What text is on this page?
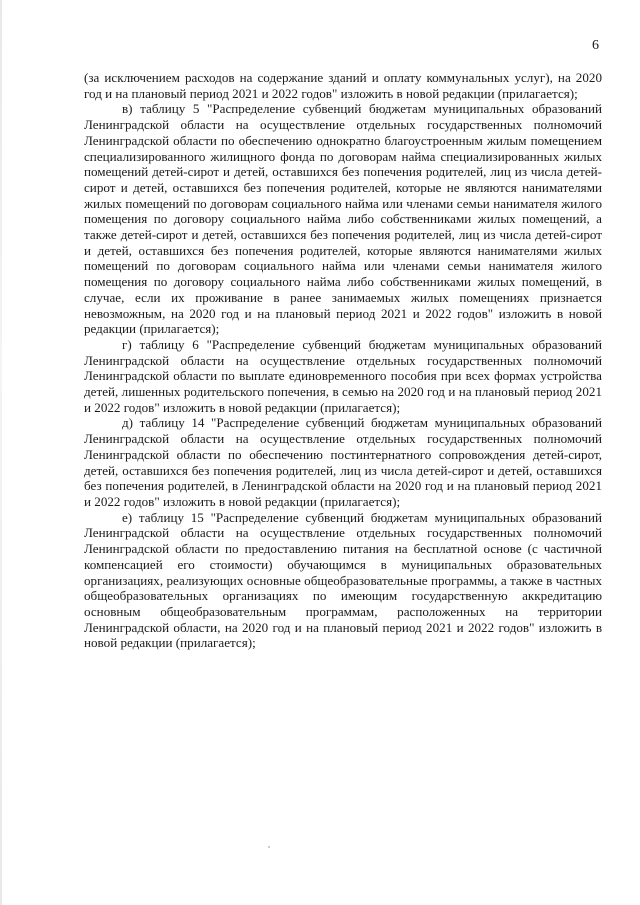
6

(за исключением расходов на содержание зданий и оплату коммунальных услуг), на 2020 год и на плановый период 2021 и 2022 годов" изложить в новой редакции (прилагается);

в) таблицу 5 "Распределение субвенций бюджетам муниципальных образований Ленинградской области на осуществление отдельных государственных полномочий Ленинградской области по обеспечению однократно благоустроенным жилым помещением специализированного жилищного фонда по договорам найма специализированных жилых помещений детей-сирот и детей, оставшихся без попечения родителей, лиц из числа детей-сирот и детей, оставшихся без попечения родителей, которые не являются нанимателями жилых помещений по договорам социального найма или членами семьи нанимателя жилого помещения по договору социального найма либо собственниками жилых помещений, а также детей-сирот и детей, оставшихся без попечения родителей, лиц из числа детей-сирот и детей, оставшихся без попечения родителей, которые являются нанимателями жилых помещений по договорам социального найма или членами семьи нанимателя жилого помещения по договору социального найма либо собственниками жилых помещений, в случае, если их проживание в ранее занимаемых жилых помещениях признается невозможным, на 2020 год и на плановый период 2021 и 2022 годов" изложить в новой редакции (прилагается);

г) таблицу 6 "Распределение субвенций бюджетам муниципальных образований Ленинградской области на осуществление отдельных государственных полномочий Ленинградской области по выплате единовременного пособия при всех формах устройства детей, лишенных родительского попечения, в семью на 2020 год и на плановый период 2021 и 2022 годов" изложить в новой редакции (прилагается);

д) таблицу 14 "Распределение субвенций бюджетам муниципальных образований Ленинградской области на осуществление отдельных государственных полномочий Ленинградской области по обеспечению постинтернатного сопровождения детей-сирот, детей, оставшихся без попечения родителей, лиц из числа детей-сирот и детей, оставшихся без попечения родителей, в Ленинградской области на 2020 год и на плановый период 2021 и 2022 годов" изложить в новой редакции (прилагается);

е) таблицу 15 "Распределение субвенций бюджетам муниципальных образований Ленинградской области на осуществление отдельных государственных полномочий Ленинградской области по предоставлению питания на бесплатной основе (с частичной компенсацией его стоимости) обучающимся в муниципальных образовательных организациях, реализующих основные общеобразовательные программы, а также в частных общеобразовательных организациях по имеющим государственную аккредитацию основным общеобразовательным программам, расположенных на территории Ленинградской области, на 2020 год и на плановый период 2021 и 2022 годов" изложить в новой редакции (прилагается);
